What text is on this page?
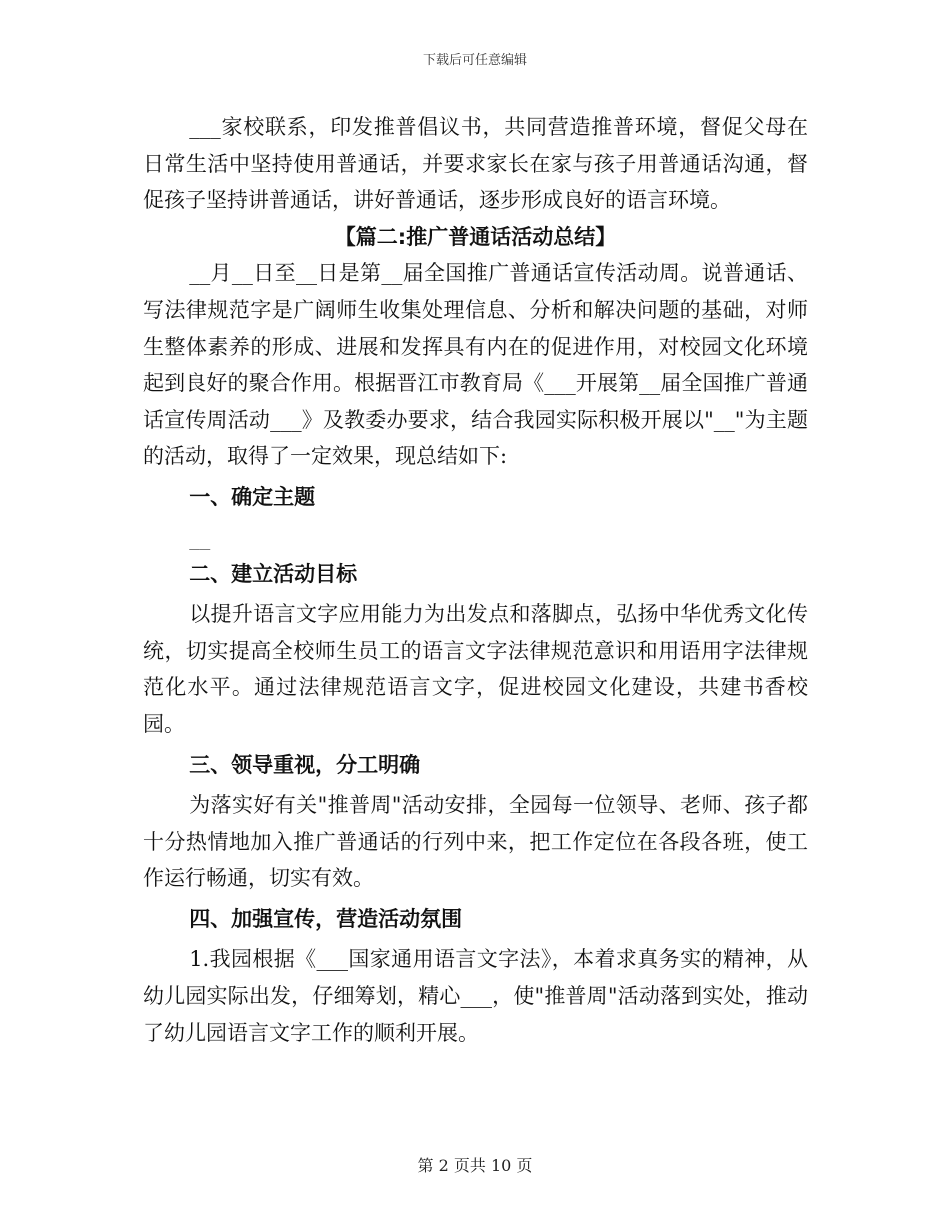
下载后可任意编辑

___家校联系，印发推普倡议书，共同营造推普环境，督促父母在日常生活中坚持使用普通话，并要求家长在家与孩子用普通话沟通，督促孩子坚持讲普通话，讲好普通话，逐步形成良好的语言环境。

【篇二:推广普通话活动总结】

__月__日至__日是第__届全国推广普通话宣传活动周。说普通话、写法律规范字是广阔师生收集处理信息、分析和解决问题的基础，对师生整体素养的形成、进展和发挥具有内在的促进作用，对校园文化环境起到良好的聚合作用。根据晋江市教育局《___开展第__届全国推广普通话宣传周活动___》及教委办要求，结合我园实际积极开展以"__"为主题的活动，取得了一定效果，现总结如下:

一、确定主题

__

二、建立活动目标

以提升语言文字应用能力为出发点和落脚点，弘扬中华优秀文化传统，切实提高全校师生员工的语言文字法律规范意识和用语用字法律规范化水平。通过法律规范语言文字，促进校园文化建设，共建书香校园。

三、领导重视，分工明确

为落实好有关"推普周"活动安排，全园每一位领导、老师、孩子都十分热情地加入推广普通话的行列中来，把工作定位在各段各班，使工作运行畅通，切实有效。

四、加强宣传，营造活动氛围

1.我园根据《___国家通用语言文字法》，本着求真务实的精神，从幼儿园实际出发，仔细筹划，精心___，使"推普周"活动落到实处，推动了幼儿园语言文字工作的顺利开展。

第 2 页共 10 页
